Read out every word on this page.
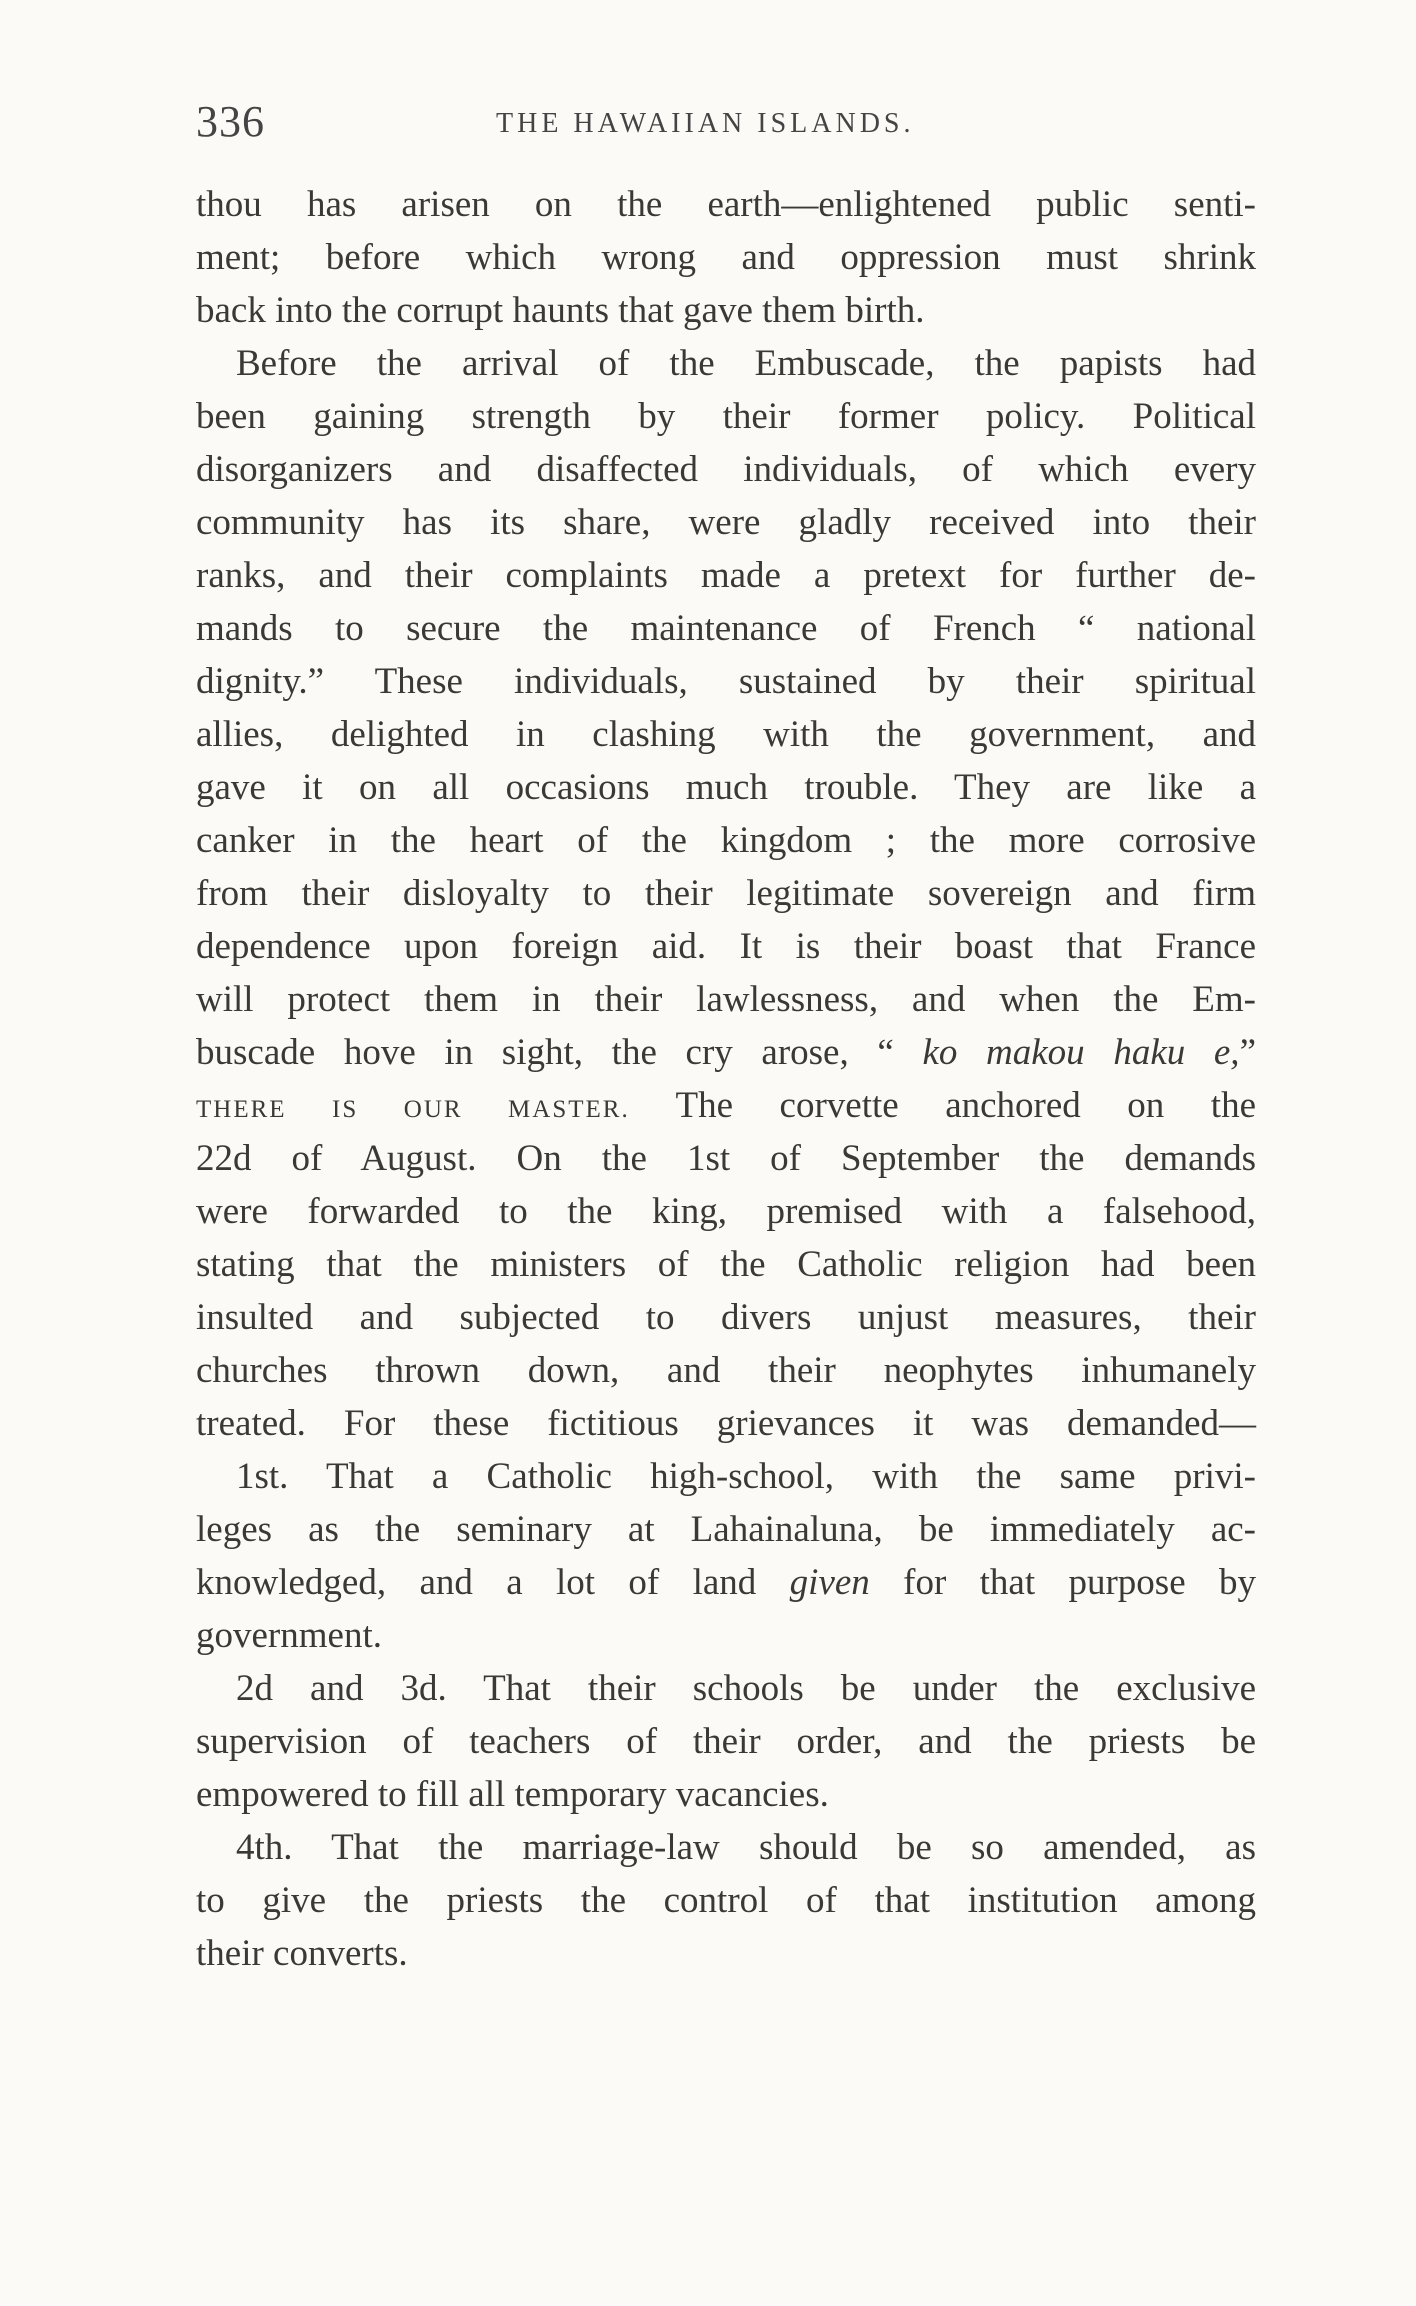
336	THE HAWAIIAN ISLANDS.
thou has arisen on the earth—enlightened public senti-
ment; before which wrong and oppression must shrink
back into the corrupt haunts that gave them birth.
Before the arrival of the Embuscade, the papists had
been gaining strength by their former policy. Political
disorganizers and disaffected individuals, of which every
community has its share, were gladly received into their
ranks, and their complaints made a pretext for further de-
mands to secure the maintenance of French “ national
dignity.” These individuals, sustained by their spiritual
allies, delighted in clashing with the government, and
gave it on all occasions much trouble. They are like a
canker in the heart of the kingdom ; the more corrosive
from their disloyalty to their legitimate sovereign and firm
dependence upon foreign aid. It is their boast that France
will protect them in their lawlessness, and when the Em-
buscade hove in sight, the cry arose, “ ko makou haku e,”
THERE IS OUR MASTER. The corvette anchored on the
22d of August. On the 1st of September the demands
were forwarded to the king, premised with a falsehood,
stating that the ministers of the Catholic religion had been
insulted and subjected to divers unjust measures, their
churches thrown down, and their neophytes inhumanely
treated. For these fictitious grievances it was demanded—
1st. That a Catholic high-school, with the same privi-
leges as the seminary at Lahainaluna, be immediately ac-
knowledged, and a lot of land given for that purpose by
government.
2d and 3d. That their schools be under the exclusive
supervision of teachers of their order, and the priests be
empowered to fill all temporary vacancies.
4th. That the marriage-law should be so amended, as
to give the priests the control of that institution among
their converts.
